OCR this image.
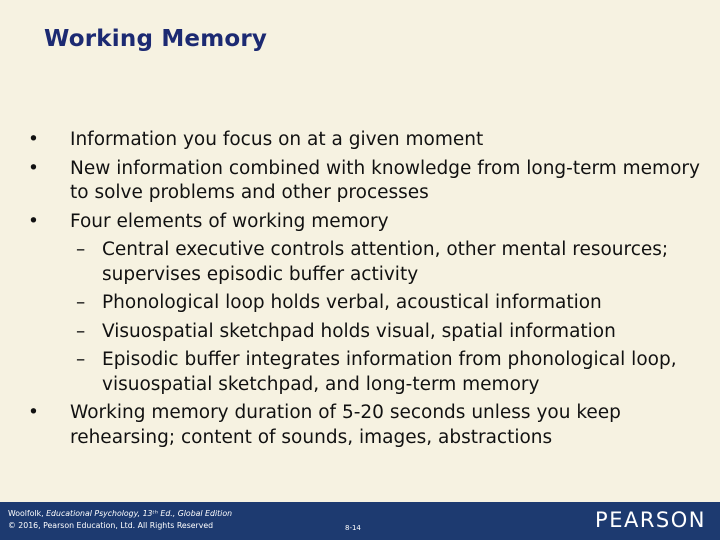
Working Memory
• Information you focus on at a given moment
• New information combined with knowledge from long-term memory to solve problems and other processes
• Four elements of working memory
– Central executive controls attention, other mental resources; supervises episodic buffer activity
– Phonological loop holds verbal, acoustical information
– Visuospatial sketchpad holds visual, spatial information
– Episodic buffer integrates information from phonological loop, visuospatial sketchpad, and long-term memory
• Working memory duration of 5-20 seconds unless you keep rehearsing; content of sounds, images, abstractions
Woolfolk, Educational Psychology, 13ᵗʰ Ed., Global Edition
© 2016, Pearson Education, Ltd. All Rights Reserved	8-14	PEARSON
